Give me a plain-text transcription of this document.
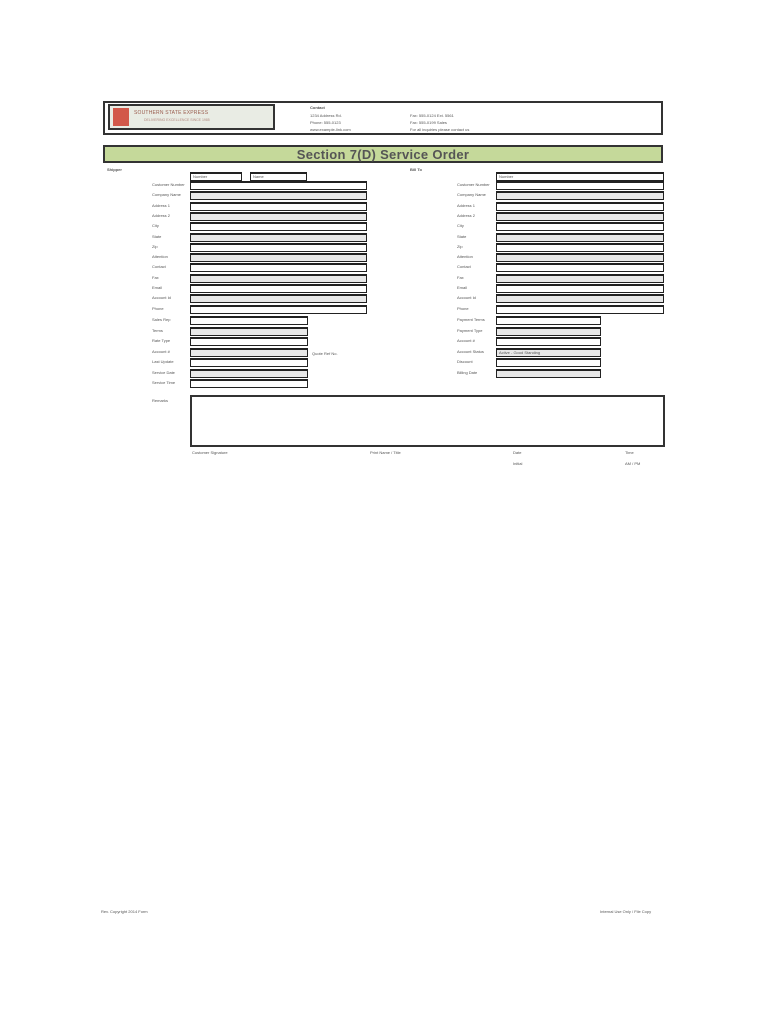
Contact
1234 Address Rd.
Phone: 555-0123
www.example-link.com
Fax: 555-0124 Ext. 5561
Fax: 555-0199 Sales
For all inquiries please contact us
SOUTHERN STATE EXPRESS
DELIVERING EXCELLENCE SINCE 1985
Section 7(D) Service Order
Shipper	Bill To
Customer Number
Company Name
Address 1
Address 2
City
State
Zip
Attention
Contact
Fax
Email
Account Id
Phone
Customer Number
Company Name
Address 1
Address 2
City
State
Zip
Attention
Contact
Fax
Email
Account Id
Phone
Number	Name	Number
Sales Rep
Terms
Rate Type
Account #
Last Update
Service Date
Service Time
Payment Terms
Payment Type
Account #
Account Status	Active - Good Standing
Discount
Billing Date
Quote Ref No.
Remarks
Customer Signature	Print Name / Title	Date	Time
Initial	AM / PM
Rev. Copyright 2014 Form	Internal Use Only / File Copy
